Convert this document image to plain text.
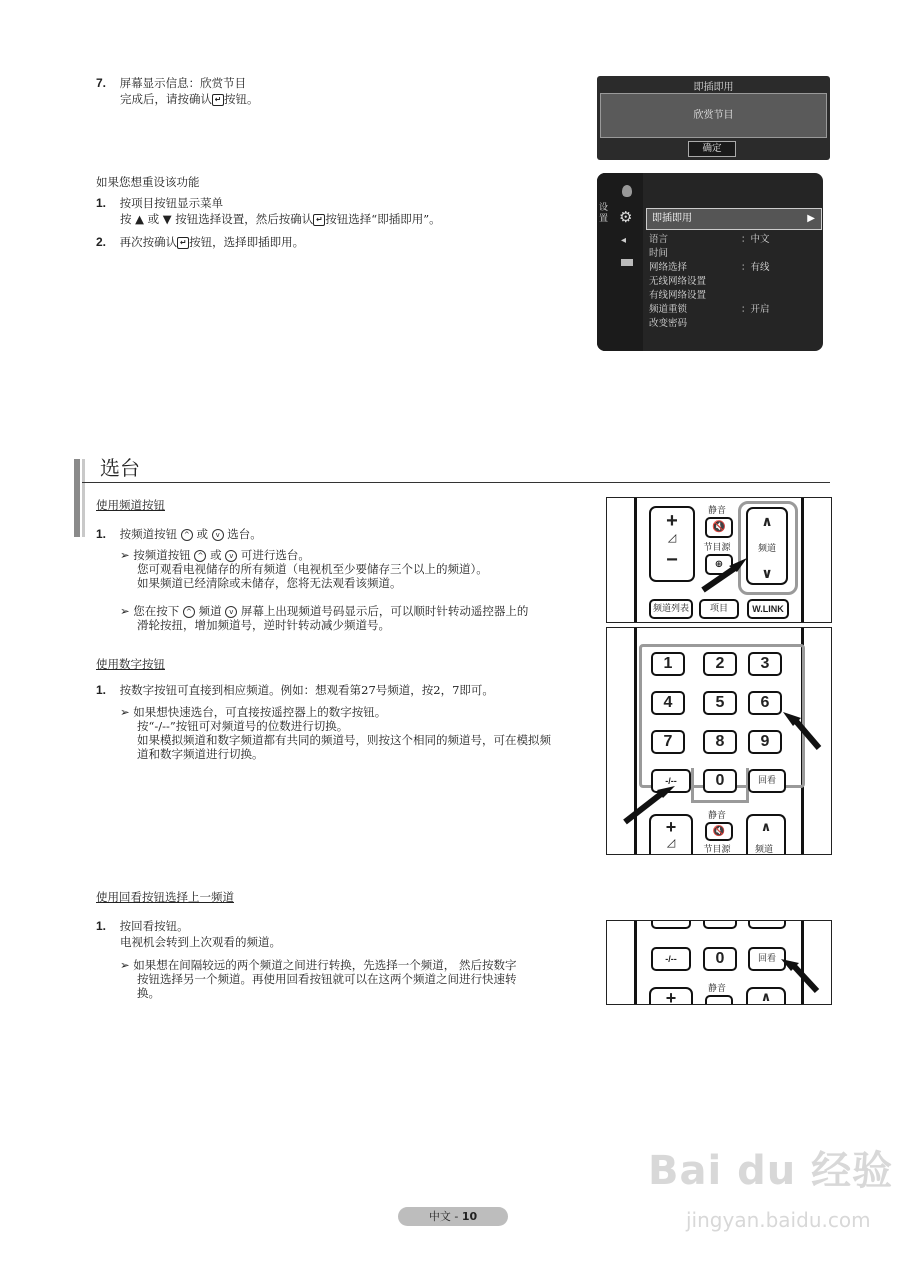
7. 屏幕显示信息：欣赏节目
完成后，请按确认 ↵ 按钮。
即插即用
欣赏节目
确定
如果您想重设该功能
1. 按项目按钮显示菜单
按 ▲ 或 ▼ 按钮选择设置，然后按确认 ↵ 按钮选择“即插即用”。
2. 再次按确认 ↵ 按钮，选择即插即用。
设置 ⚙
◂
即插即用	▶
语言	：中文
时间
网络选择	：有线
无线网络设置
有线网络设置
频道重锁	：开启
改变密码
选台
使用频道按钮
1. 按频道按钮 ^ 或 v 选台。
➢ 按频道按钮 ^ 或 v 可进行选台。
您可观看电视储存的所有频道（电视机至少要储存三个以上的频道）。
如果频道已经清除或未储存，您将无法观看该频道。
➢ 您在按下 ^ 频道 v 屏幕上出现频道号码显示后，可以顺时针转动遥控器上的
滑轮按扭，增加频道号，逆时针转动减少频道号。
使用数字按钮
1. 按数字按钮可直接到相应频道。例如：想观看第27号频道，按2，7即可。
➢ 如果想快速选台，可直接按遥控器上的数字按钮。
按“-/--”按钮可对频道号的位数进行切换。
如果模拟频道和数字频道都有共同的频道号，则按这个相同的频道号，可在模拟频
道和数字频道进行切换。
使用回看按钮选择上一频道
1. 按回看按钮。
电视机会转到上次观看的频道。
➢ 如果想在间隔较远的两个频道之间进行转换，先选择一个频道， 然后按数字
按钮选择另一个频道。再使用回看按钮就可以在这两个频道之间进行快速转
换。
+
◿
−
静音
🔇
节目源
⊕
∧
频道
∨
频道列表	项目	W.LINK
1	2	3
4	5	6
7	8	9
-/--	0	回看
+
◿
静音
🔇
节目源
∧
频道
-/--	0	回看
+	静音	∧
中文 - 10
Bai du 经验
jingyan.baidu.com
